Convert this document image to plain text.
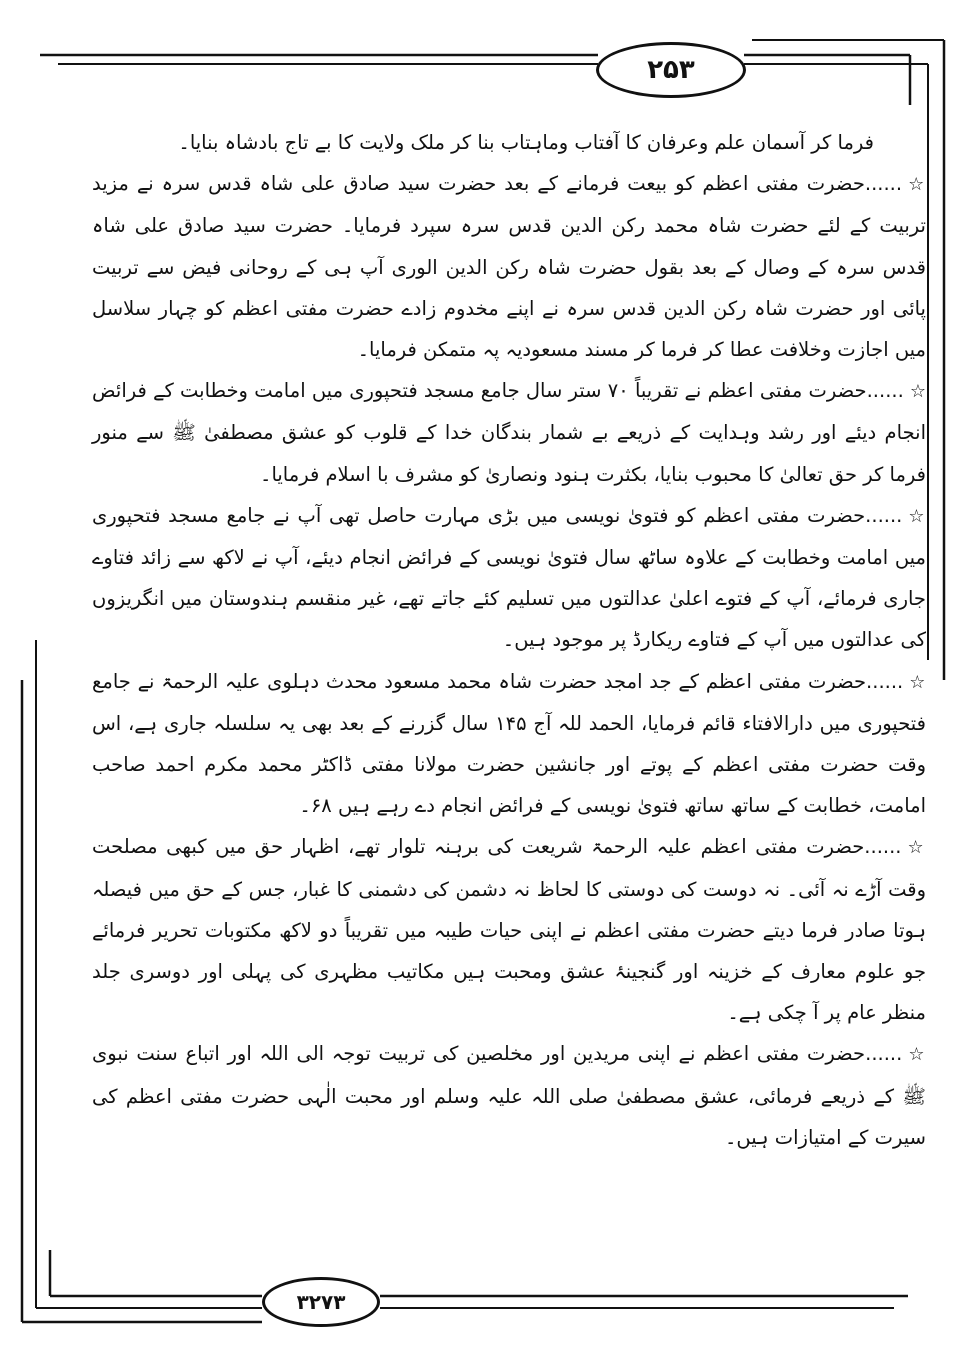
۲۵۳

فرما کر آسمان علم وعرفان کا آفتاب وماہتاب بنا کر ملک ولایت کا بے تاج بادشاہ بنایا۔

☆......حضرت مفتی اعظم کو بیعت فرمانے کے بعد حضرت سید صادق علی شاہ قدس سرہ نے مزید تربیت کے لئے حضرت شاہ محمد رکن الدین قدس سرہ سپرد فرمایا۔ حضرت سید صادق علی شاہ قدس سرہ کے وصال کے بعد بقول حضرت شاہ رکن الدین الوری آپ ہی کے روحانی فیض سے تربیت پائی اور حضرت شاہ رکن الدین قدس سرہ نے اپنے مخدوم زادے حضرت مفتی اعظم کو چہار سلاسل میں اجازت وخلافت عطا کر فرما کر مسند مسعودیہ پہ متمکن فرمایا۔

☆......حضرت مفتی اعظم نے تقریباً ۷۰ ستر سال جامع مسجد فتحپوری میں امامت وخطابت کے فرائض انجام دیئے اور رشد وہدایت کے ذریعے بے شمار بندگان خدا کے قلوب کو عشق مصطفیٰ ﷺ سے منور فرما کر حق تعالیٰ کا محبوب بنایا، بکثرت ہنود ونصاریٰ کو مشرف با اسلام فرمایا۔

☆......حضرت مفتی اعظم کو فتویٰ نویسی میں بڑی مہارت حاصل تھی آپ نے جامع مسجد فتحپوری میں امامت وخطابت کے علاوہ ساٹھ سال فتویٰ نویسی کے فرائض انجام دیئے، آپ نے لاکھ سے زائد فتاوے جاری فرمائے، آپ کے فتوے اعلیٰ عدالتوں میں تسلیم کئے جاتے تھے، غیر منقسم ہندوستان میں انگریزوں کی عدالتوں میں آپ کے فتاوے ریکارڈ پر موجود ہیں۔

☆......حضرت مفتی اعظم کے جد امجد حضرت شاہ محمد مسعود محدث دہلوی علیہ الرحمۃ نے جامع فتحپوری میں دارالافتاء قائم فرمایا، الحمد للہ آج ۱۴۵ سال گزرنے کے بعد بھی یہ سلسلہ جاری ہے، اس وقت حضرت مفتی اعظم کے پوتے اور جانشین حضرت مولانا مفتی ڈاکٹر محمد مکرم احمد صاحب امامت، خطابت کے ساتھ ساتھ فتویٰ نویسی کے فرائض انجام دے رہے ہیں ۶۸۔

☆......حضرت مفتی اعظم علیہ الرحمۃ شریعت کی برہنہ تلوار تھے، اظہار حق میں کبھی مصلحت وقت آڑے نہ آئی۔ نہ دوست کی دوستی کا لحاظ نہ دشمن کی دشمنی کا غبار، جس کے حق میں فیصلہ ہوتا صادر فرما دیتے حضرت مفتی اعظم نے اپنی حیات طیبہ میں تقریباً دو لاکھ مکتوبات تحریر فرمائے جو علوم معارف کے خزینہ اور گنجینۂ عشق ومحبت ہیں مکاتیب مظہری کی پہلی اور دوسری جلد منظر عام پر آ چکی ہے۔

☆......حضرت مفتی اعظم نے اپنی مریدین اور مخلصین کی تربیت توجہ الی اللہ اور اتباع سنت نبوی ﷺ کے ذریعے فرمائی، عشق مصطفیٰ صلی اللہ علیہ وسلم اور محبت الٰہی حضرت مفتی اعظم کی سیرت کے امتیازات ہیں۔

۳۲۷۳
